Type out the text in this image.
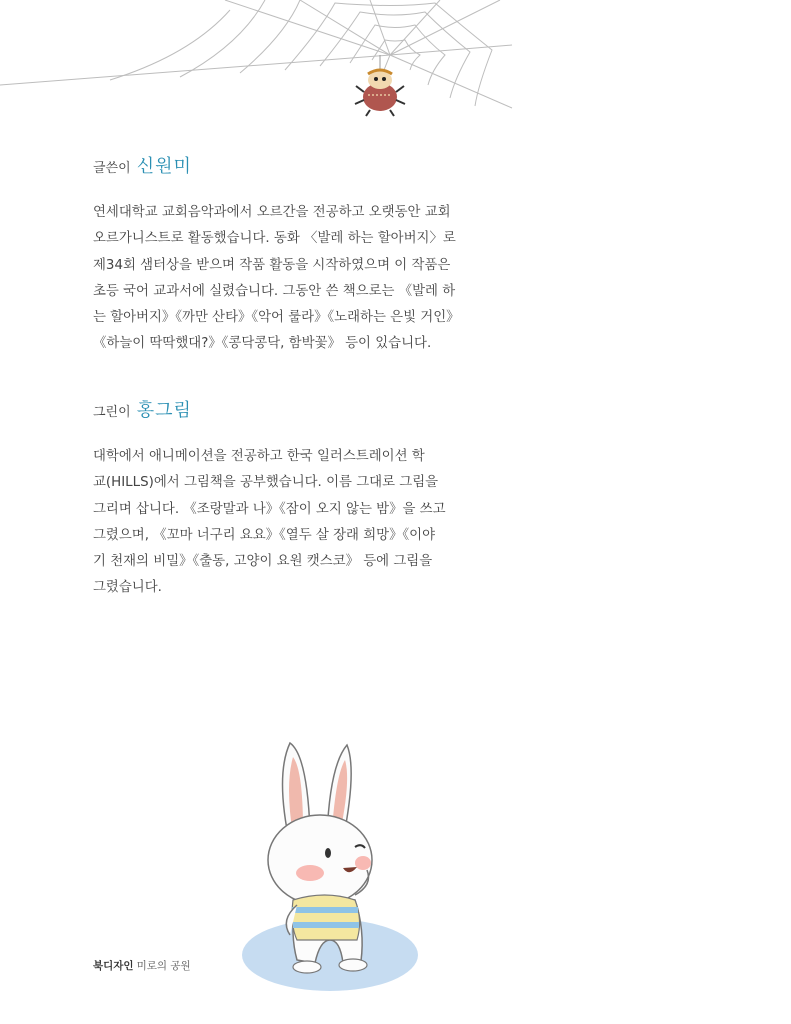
글쓴이 신원미

연세대학교 교회음악과에서 오르간을 전공하고 오랫동안 교회
오르가니스트로 활동했습니다. 동화 〈발레 하는 할아버지〉로
제34회 샘터상을 받으며 작품 활동을 시작하였으며 이 작품은
초등 국어 교과서에 실렸습니다. 그동안 쓴 책으로는 《발레 하
는 할아버지》《까만 산타》《악어 룰라》《노래하는 은빛 거인》
《하늘이 딱딱했대?》《콩닥콩닥, 함박꽃》 등이 있습니다.

그린이 홍그림

대학에서 애니메이션을 전공하고 한국 일러스트레이션 학
교(HILLS)에서 그림책을 공부했습니다. 이름 그대로 그림을
그리며 삽니다. 《조랑말과 나》《잠이 오지 않는 밤》을 쓰고
그렸으며, 《꼬마 너구리 요요》《열두 살 장래 희망》《이야
기 천재의 비밀》《출동, 고양이 요원 캣스코》 등에 그림을
그렸습니다.

북디자인 미로의 공원
